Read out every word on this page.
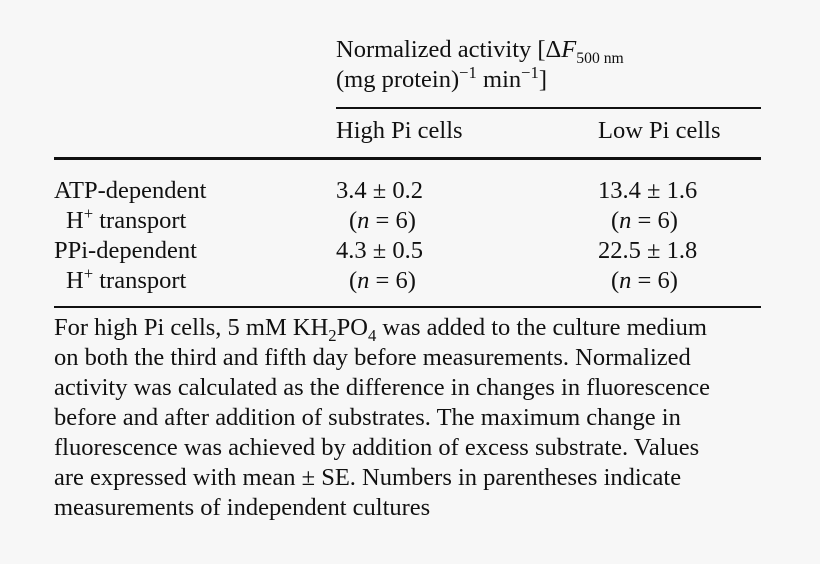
Normalized activity [$\Delta F_{500 nm}$
(mg protein)$^{-1}$ $\min^{-1}$]
High Pi cells	Low Pi cells
ATP-dependent
H+ transport
3.4 ± 0.2
(n = 6)
13.4 ± 1.6
(n = 6)
PPi-dependent
H+ transport
4.3 ± 0.5
(n = 6)
22.5 ± 1.8
(n = 6)
For high Pi cells, 5 mM $KH_2PO_4$ was added to the culture medium
on both the third and fifth day before measurements. Normalized
activity was calculated as the difference in changes in fluorescence
before and after addition of substrates. The maximum change in
fluorescence was achieved by addition of excess substrate. Values
are expressed with mean ± SE. Numbers in parentheses indicate
measurements of independent cultures
